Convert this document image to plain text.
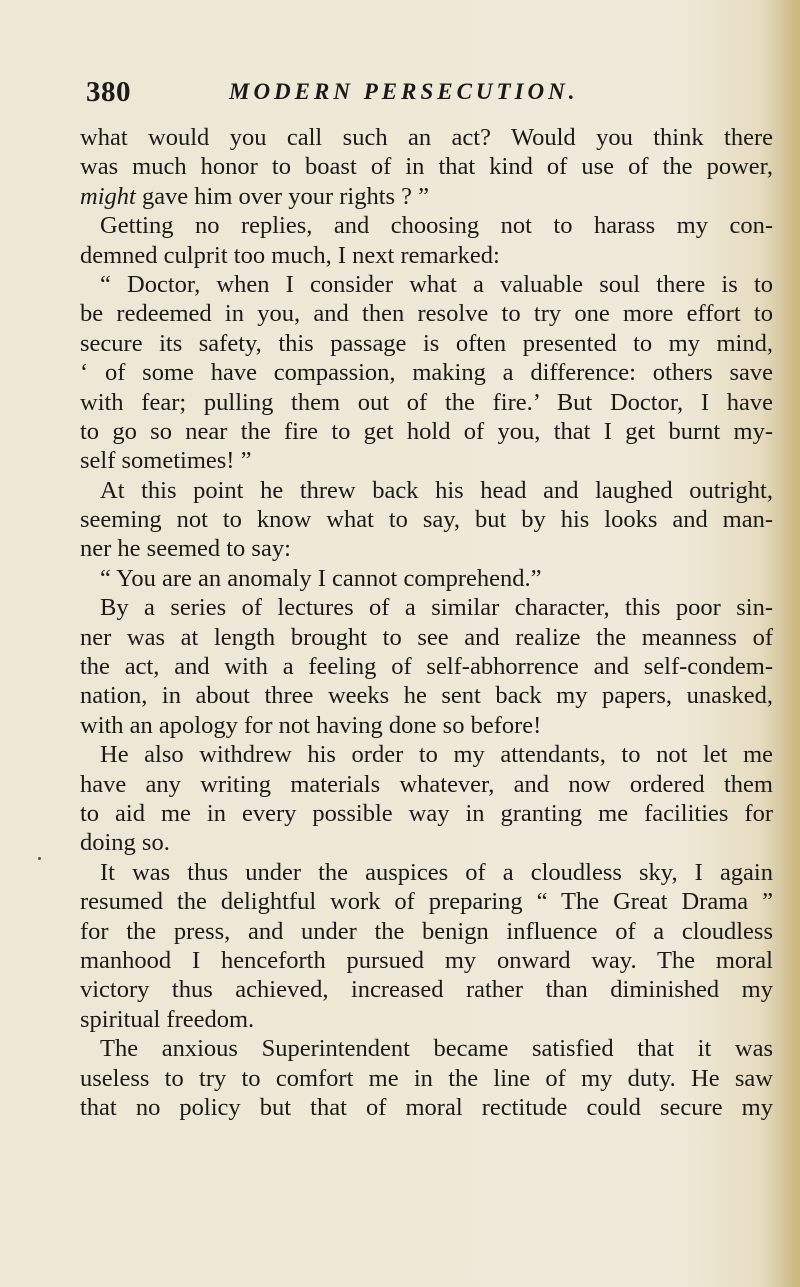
380	MODERN PERSECUTION.
what would you call such an act? Would you think there
was much honor to boast of in that kind of use of the power,
might gave him over your rights ? ”
Getting no replies, and choosing not to harass my con-
demned culprit too much, I next remarked:
“ Doctor, when I consider what a valuable soul there is to
be redeemed in you, and then resolve to try one more effort to
secure its safety, this passage is often presented to my mind,
‘ of some have compassion, making a difference: others save
with fear; pulling them out of the fire.’ But Doctor, I have
to go so near the fire to get hold of you, that I get burnt my-
self sometimes! ”
At this point he threw back his head and laughed outright,
seeming not to know what to say, but by his looks and man-
ner he seemed to say:
“ You are an anomaly I cannot comprehend.”
By a series of lectures of a similar character, this poor sin-
ner was at length brought to see and realize the meanness of
the act, and with a feeling of self-abhorrence and self-condem-
nation, in about three weeks he sent back my papers, unasked,
with an apology for not having done so before!
He also withdrew his order to my attendants, to not let me
have any writing materials whatever, and now ordered them
to aid me in every possible way in granting me facilities for
doing so.
It was thus under the auspices of a cloudless sky, I again
resumed the delightful work of preparing “ The Great Drama ”
for the press, and under the benign influence of a cloudless
manhood I henceforth pursued my onward way. The moral
victory thus achieved, increased rather than diminished my
spiritual freedom.
The anxious Superintendent became satisfied that it was
useless to try to comfort me in the line of my duty. He saw
that no policy but that of moral rectitude could secure my
